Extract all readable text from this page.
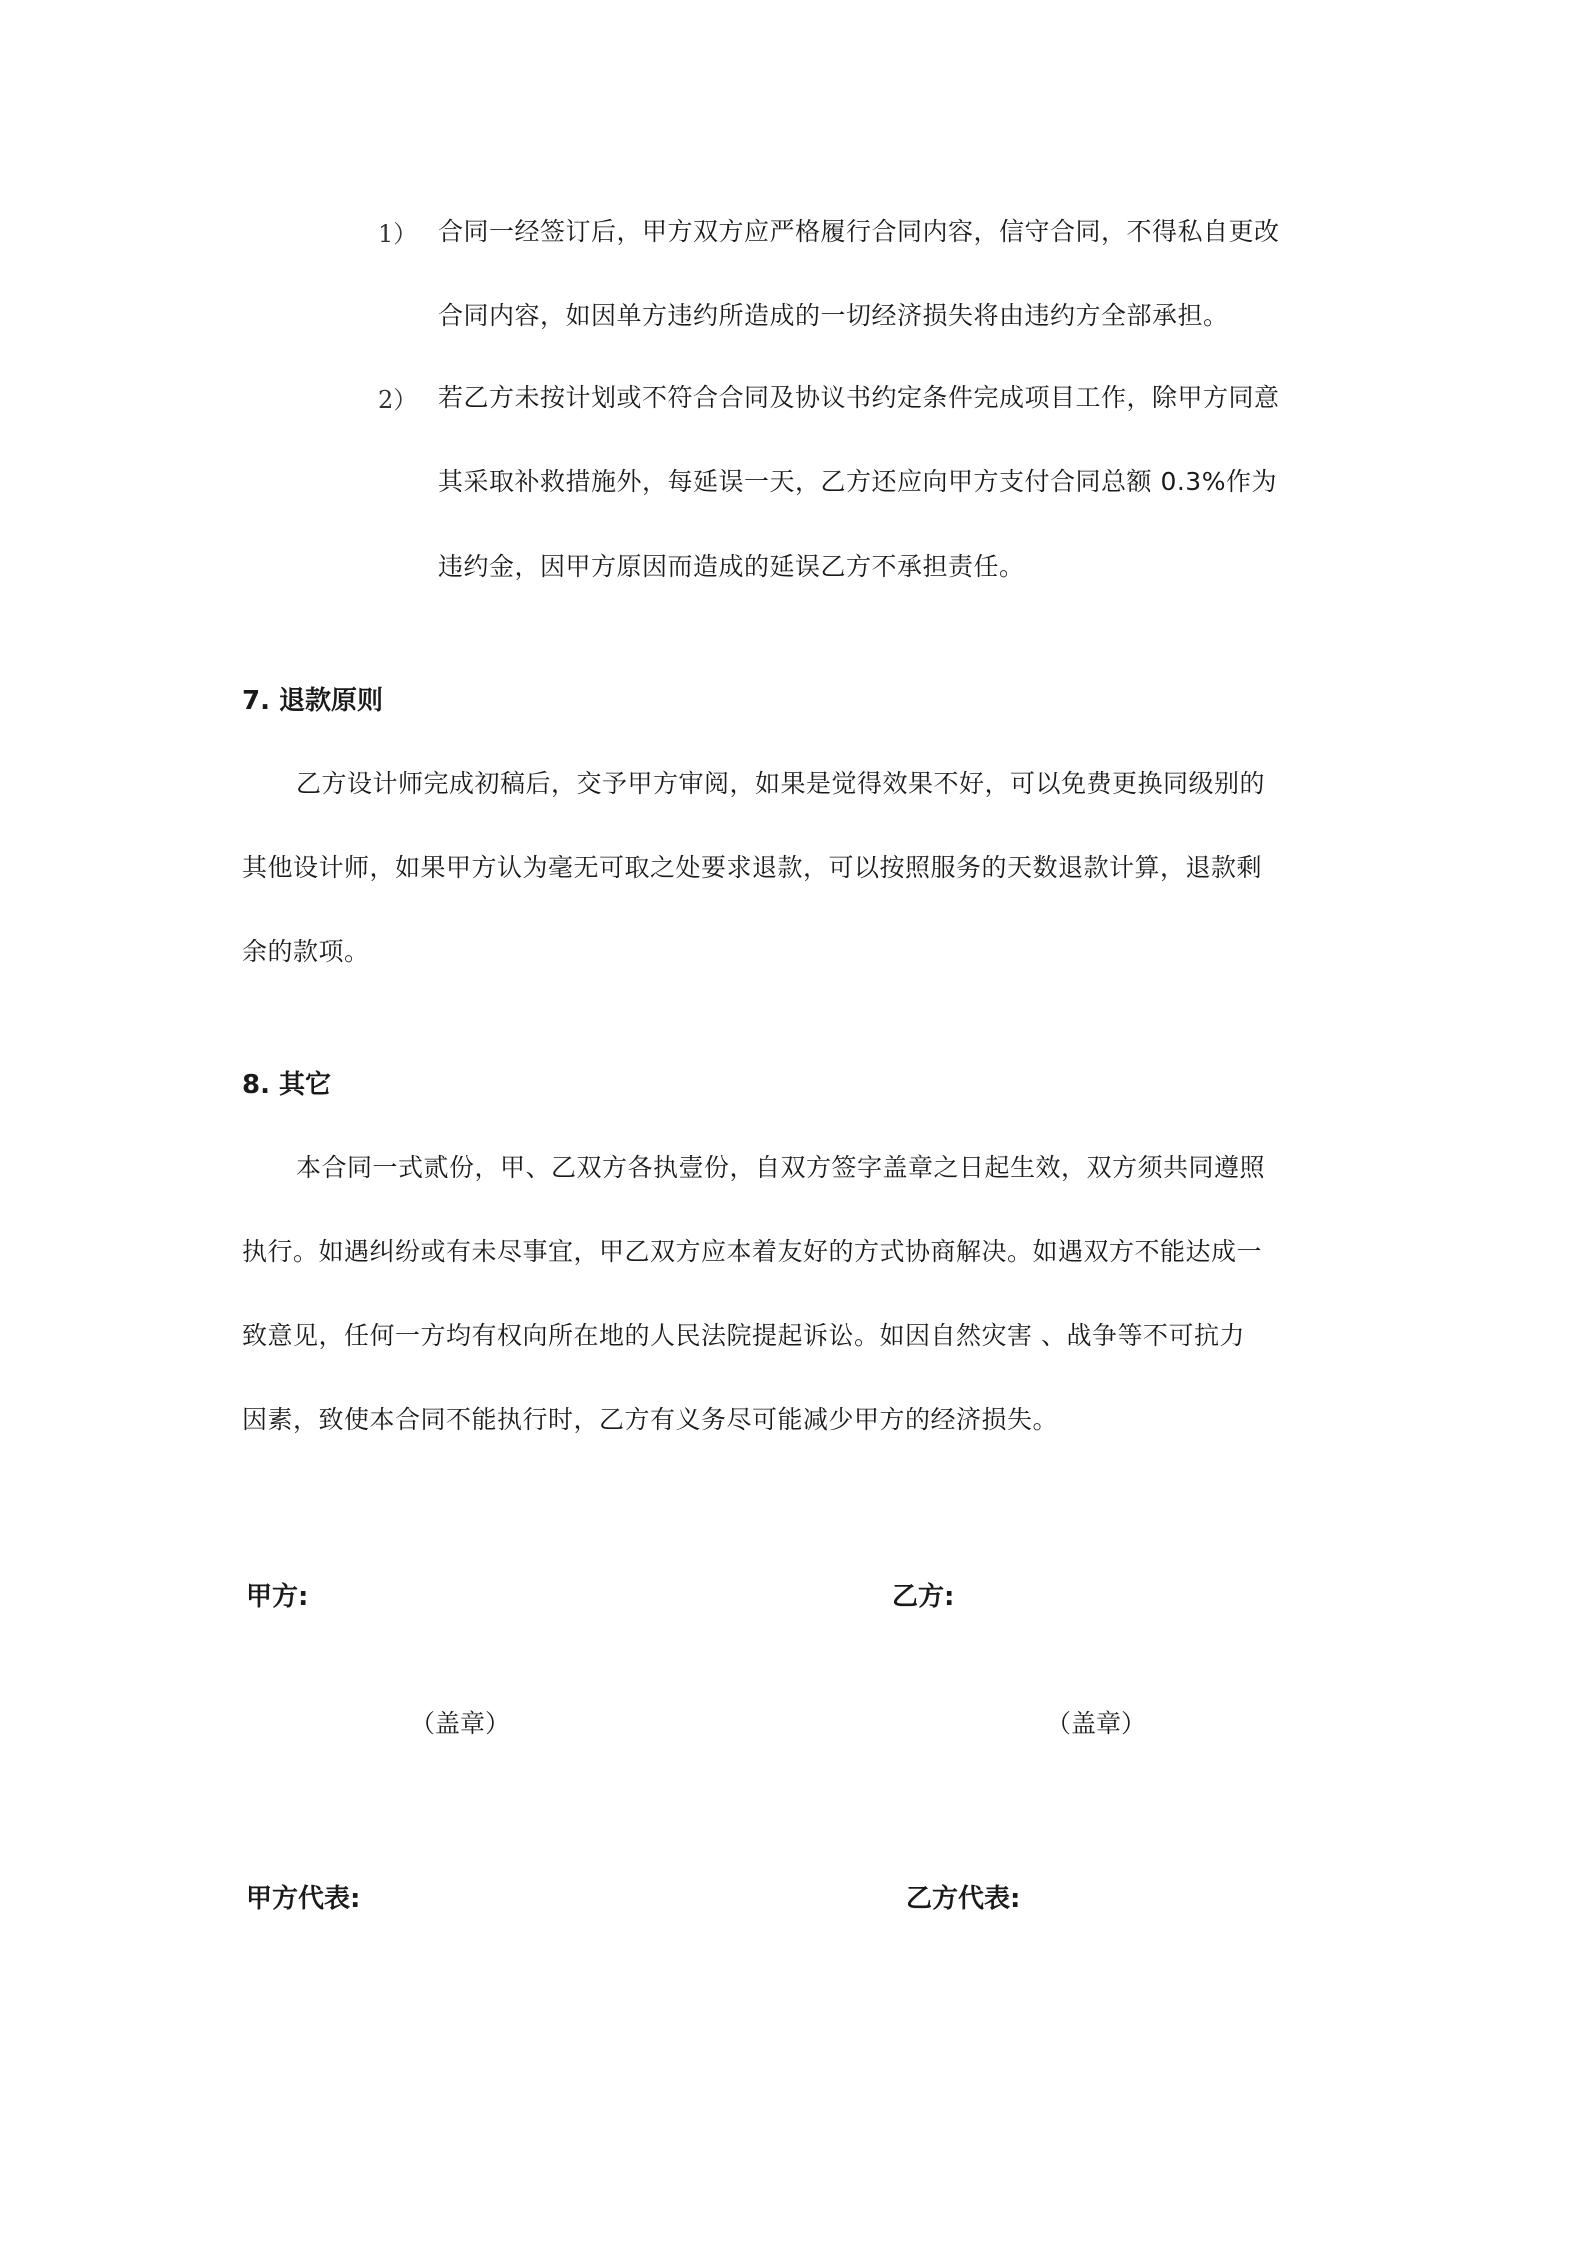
1） 合同一经签订后，甲方双方应严格履行合同内容，信守合同，不得私自更改
合同内容，如因单方违约所造成的一切经济损失将由违约方全部承担。
2） 若乙方未按计划或不符合合同及协议书约定条件完成项目工作，除甲方同意
其采取补救措施外，每延误一天，乙方还应向甲方支付合同总额 0.3%作为
违约金，因甲方原因而造成的延误乙方不承担责任。
7. 退款原则
乙方设计师完成初稿后，交予甲方审阅，如果是觉得效果不好，可以免费更换同级别的
其他设计师，如果甲方认为毫无可取之处要求退款，可以按照服务的天数退款计算，退款剩
余的款项。
8. 其它
本合同一式贰份，甲、乙双方各执壹份，自双方签字盖章之日起生效，双方须共同遵照
执行。如遇纠纷或有未尽事宜，甲乙双方应本着友好的方式协商解决。如遇双方不能达成一
致意见，任何一方均有权向所在地的人民法院提起诉讼。如因自然灾害 、战争等不可抗力
因素，致使本合同不能执行时，乙方有义务尽可能减少甲方的经济损失。
甲方:	乙方:
（盖章）	（盖章）
甲方代表:	乙方代表:
